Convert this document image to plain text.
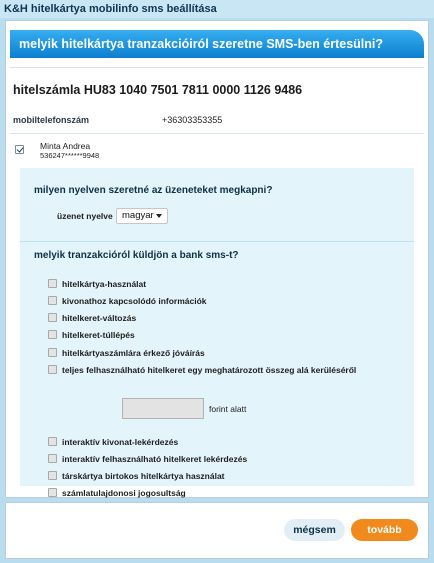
K&H hitelkártya mobilinfo sms beállítása
melyik hitelkártya tranzakcióiról szeretne SMS-ben értesülni?
hitelszámla HU83 1040 7501 7811 0000 1126 9486
mobiltelefonszám	+36303353355
Minta Andrea
536247******9948
milyen nyelven szeretné az üzeneteket megkapni?
üzenet nyelve magyar
melyik tranzakcióról küldjön a bank sms-t?
hitelkártya-használat
kivonathoz kapcsolódó információk
hitelkeret-változás
hitelkeret-túllépés
hitelkártyaszámlára érkező jóváírás
teljes felhasználható hitelkeret egy meghatározott összeg alá kerüléséről
forint alatt
interaktív kivonat-lekérdezés
interaktív felhasználható hitelkeret lekérdezés
társkártya birtokos hitelkártya használat
számlatulajdonosi jogosultság
mégsem	tovább
